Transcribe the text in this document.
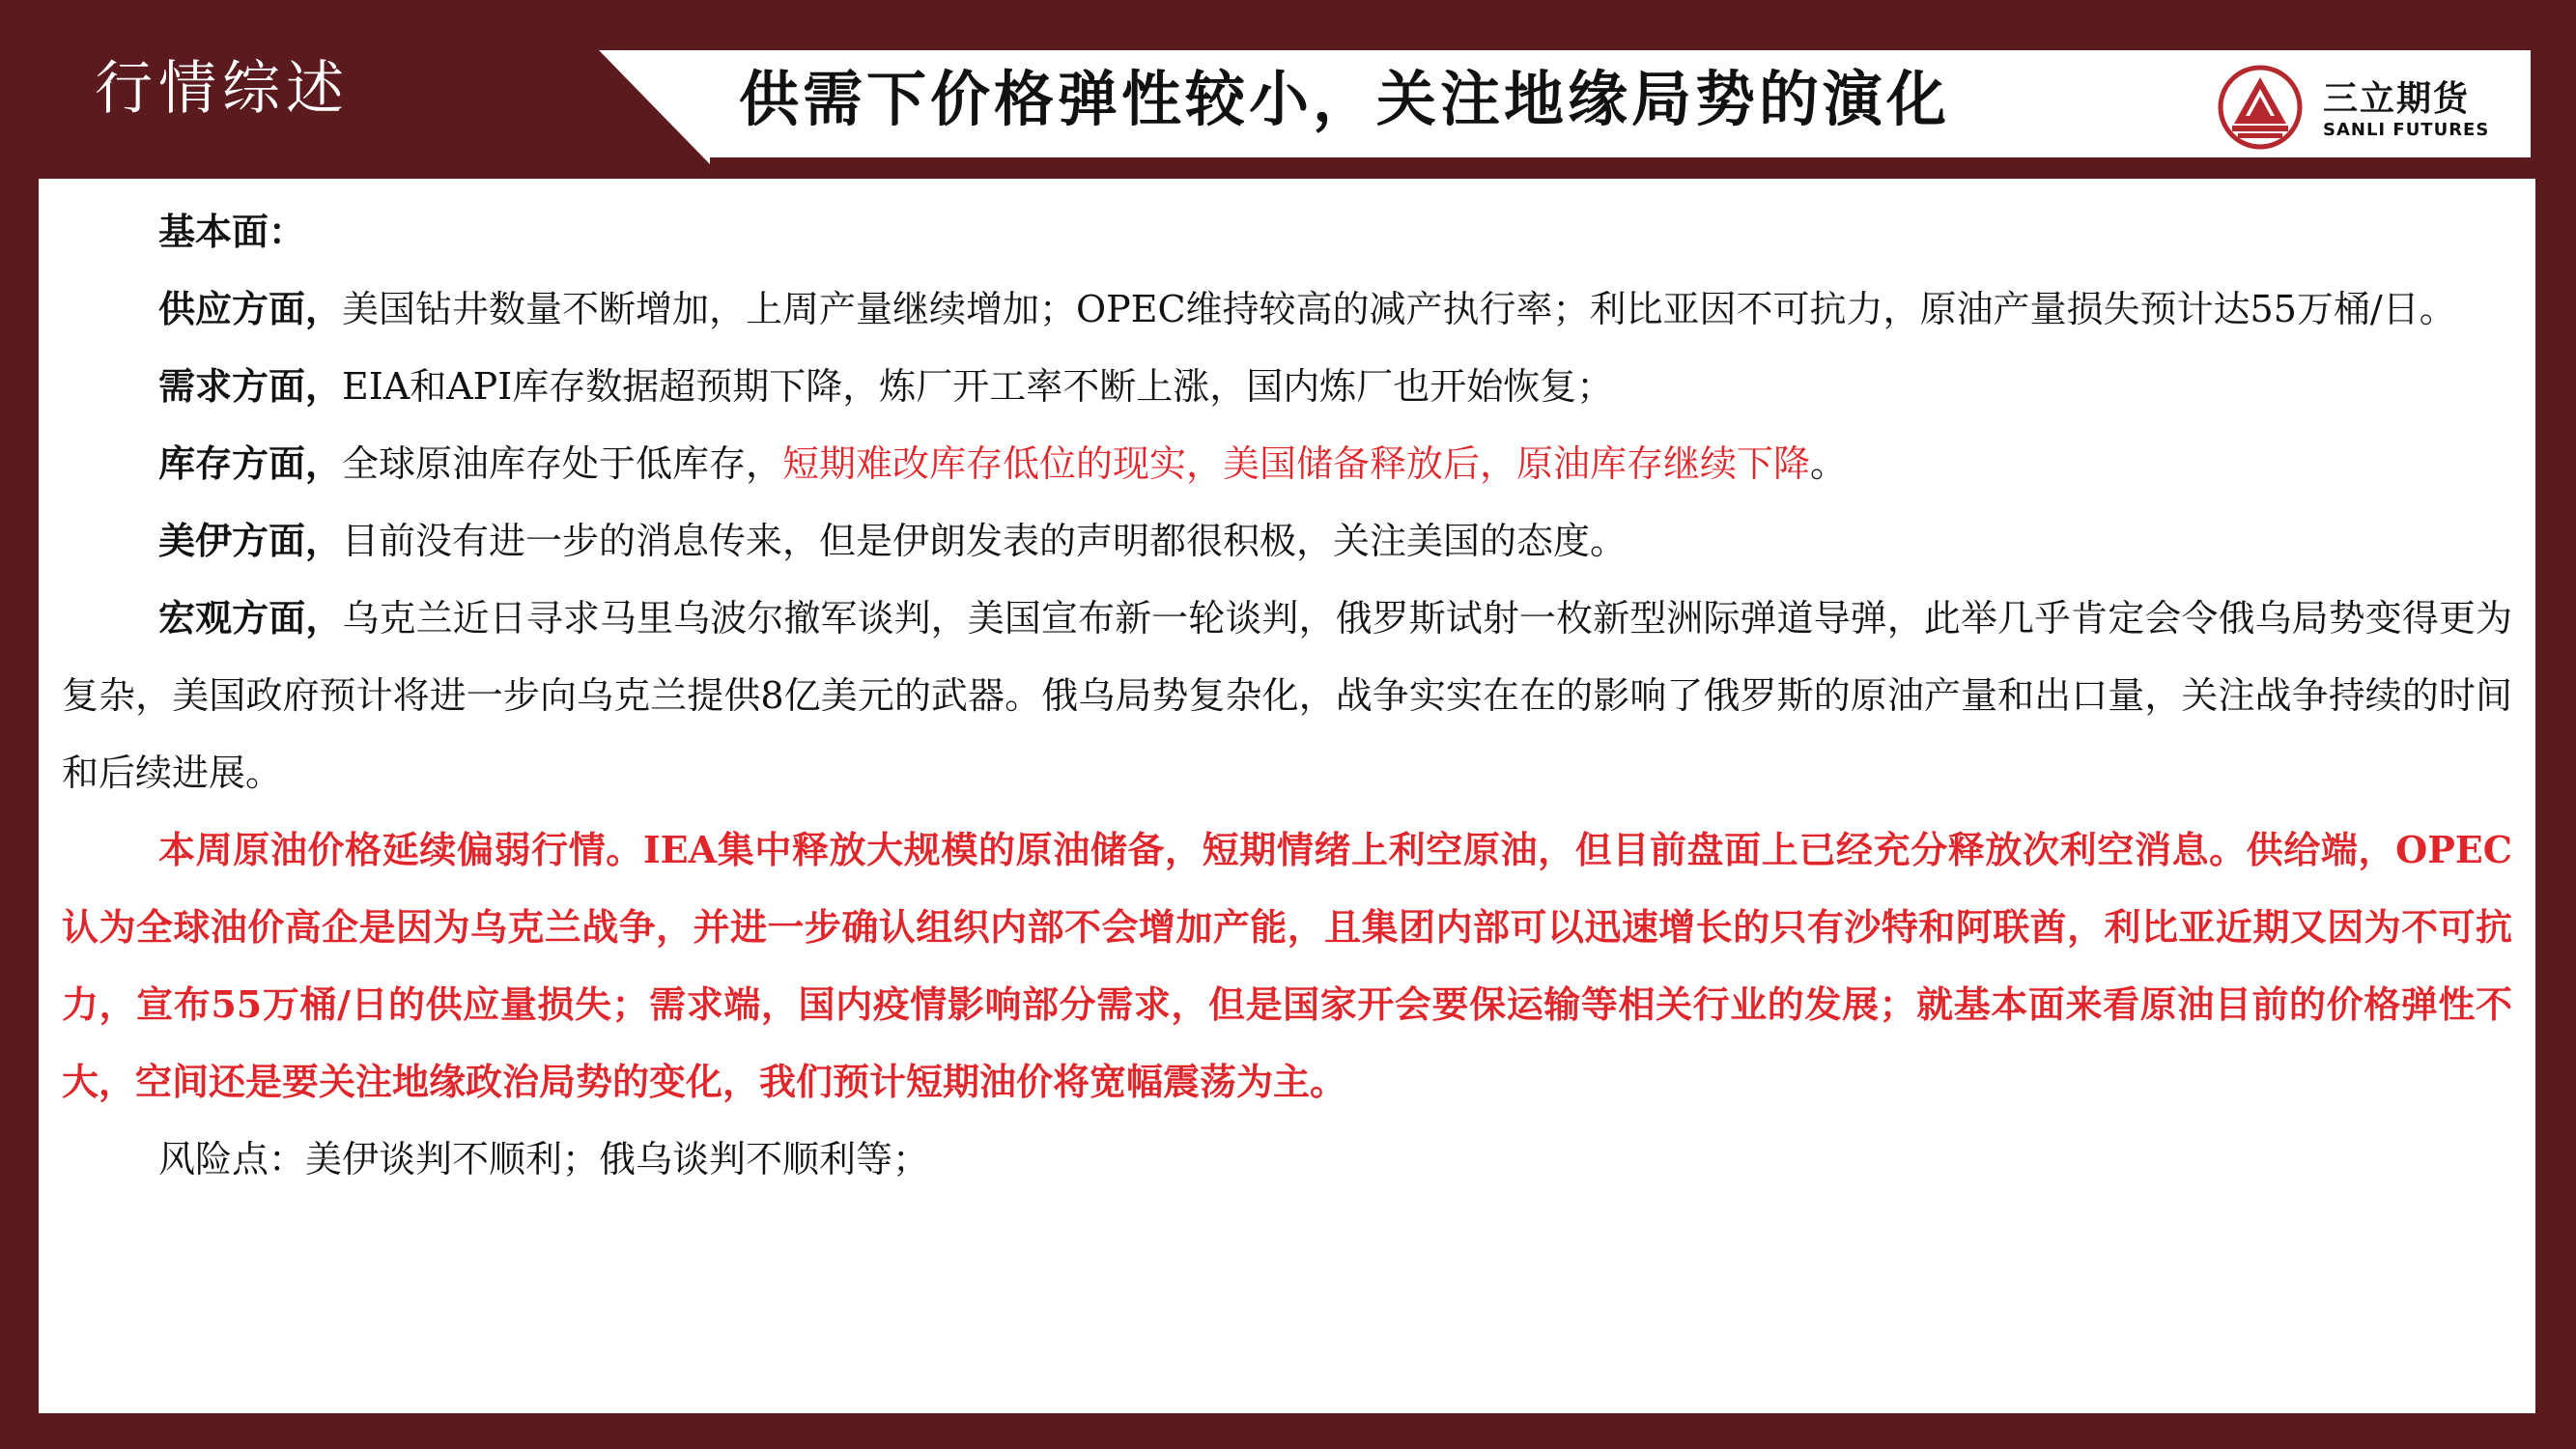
行情综述	供需下价格弹性较小，关注地缘局势的演化	三立期货
SANLI FUTURES

基本面：

供应方面，美国钻井数量不断增加，上周产量继续增加；OPEC维持较高的减产执行率；利比亚因不可抗力，原油产量损失预计达55万桶/日。

需求方面，EIA和API库存数据超预期下降，炼厂开工率不断上涨，国内炼厂也开始恢复；

库存方面，全球原油库存处于低库存，短期难改库存低位的现实，美国储备释放后，原油库存继续下降。

美伊方面，目前没有进一步的消息传来，但是伊朗发表的声明都很积极，关注美国的态度。

宏观方面，乌克兰近日寻求马里乌波尔撤军谈判，美国宣布新一轮谈判，俄罗斯试射一枚新型洲际弹道导弹，此举几乎肯定会令俄乌局势变得更为复杂，美国政府预计将进一步向乌克兰提供8亿美元的武器。俄乌局势复杂化，战争实实在在的影响了俄罗斯的原油产量和出口量，关注战争持续的时间和后续进展。

本周原油价格延续偏弱行情。IEA集中释放大规模的原油储备，短期情绪上利空原油，但目前盘面上已经充分释放次利空消息。供给端，OPEC认为全球油价高企是因为乌克兰战争，并进一步确认组织内部不会增加产能，且集团内部可以迅速增长的只有沙特和阿联酋，利比亚近期又因为不可抗力，宣布55万桶/日的供应量损失；需求端，国内疫情影响部分需求，但是国家开会要保运输等相关行业的发展；就基本面来看原油目前的价格弹性不大，空间还是要关注地缘政治局势的变化，我们预计短期油价将宽幅震荡为主。

风险点：美伊谈判不顺利；俄乌谈判不顺利等；
